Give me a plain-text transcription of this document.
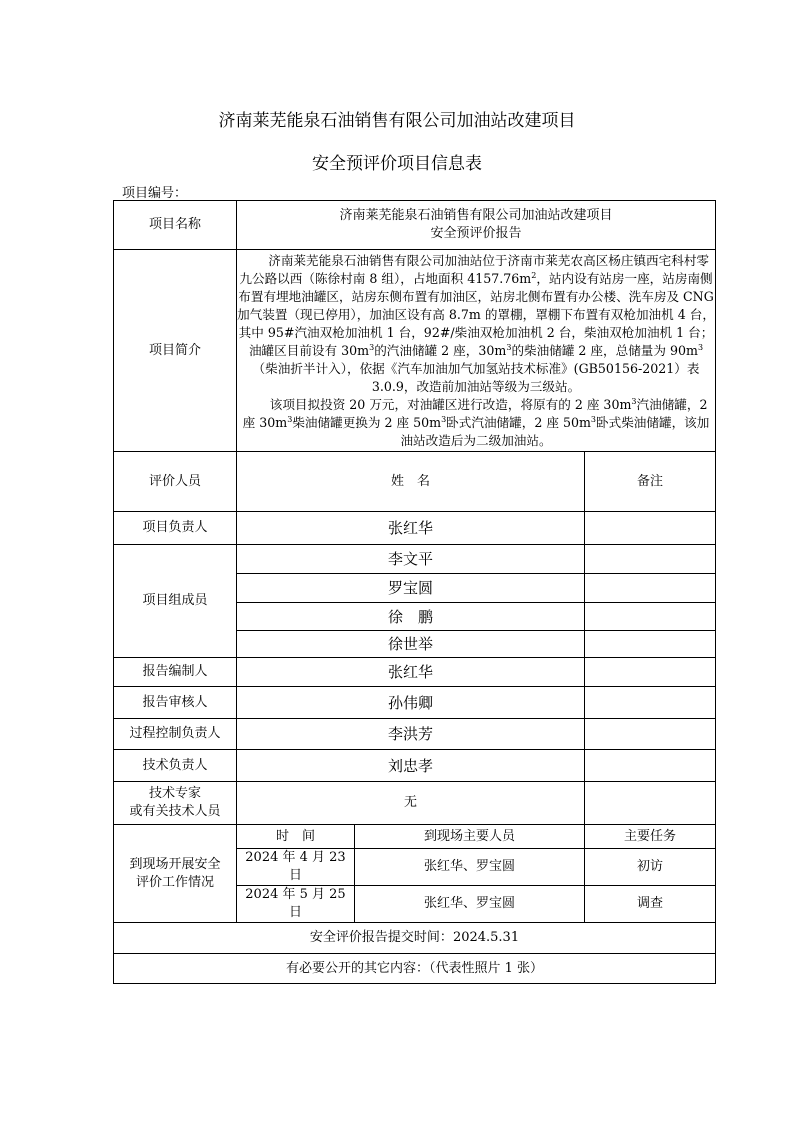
济南莱芜能泉石油销售有限公司加油站改建项目
安全预评价项目信息表
项目编号：
项目名称	济南莱芜能泉石油销售有限公司加油站改建项目
安全预评价报告		

项目简介	济南莱芜能泉石油销售有限公司加油站位于济南市莱芜农高区杨庄镇西宅科村零九公路以西（陈徐村南 8 组），占地面积 $4157.76m^2$，站内设有站房一座，站房南侧布置有埋地油罐区，站房东侧布置有加油区，站房北侧布置有办公楼、洗车房及 CNG 加气装置（现已停用），加油区设有高 8.7m 的罩棚，罩棚下布置有双枪加油机 4 台，其中 95#汽油双枪加油机 1 台，92#/柴油双枪加油机 2 台，柴油双枪加油机 1 台；油罐区目前设有 $30m^3$的汽油储罐 2 座，$30m^3$的柴油储罐 2 座，总储量为 $90m^3$（柴油折半计入），依据《汽车加油加气加氢站技术标准》(GB50156-2021）表 3.0.9，改造前加油站等级为三级站。

该项目拟投资 20 万元，对油罐区进行改造，将原有的 2 座 $30m^3$汽油储罐，2 座 $30m^3$柴油储罐更换为 2 座 $50m^3$卧式汽油储罐，2 座 $50m^3$卧式柴油储罐，该加油站改造后为二级加油站。		

评价人员	姓　名		备注
项目负责人	张红华		
项目组成员	李文平		
	罗宝圆		
	徐　鹏		
	徐世举		
报告编制人	张红华		
报告审核人	孙伟卿		
过程控制负责人	李洪芳		
技术负责人	刘忠孝		

技术专家
或有关技术人员	无		

到现场开展安全
评价工作情况	时　间	到现场主要人员	主要任务
	2024 年 4 月 23 日	张红华、罗宝圆	初访
	2024 年 5 月 25 日	张红华、罗宝圆	调查
安全评价报告提交时间：2024.5.31			
有必要公开的其它内容：（代表性照片 1 张）			
